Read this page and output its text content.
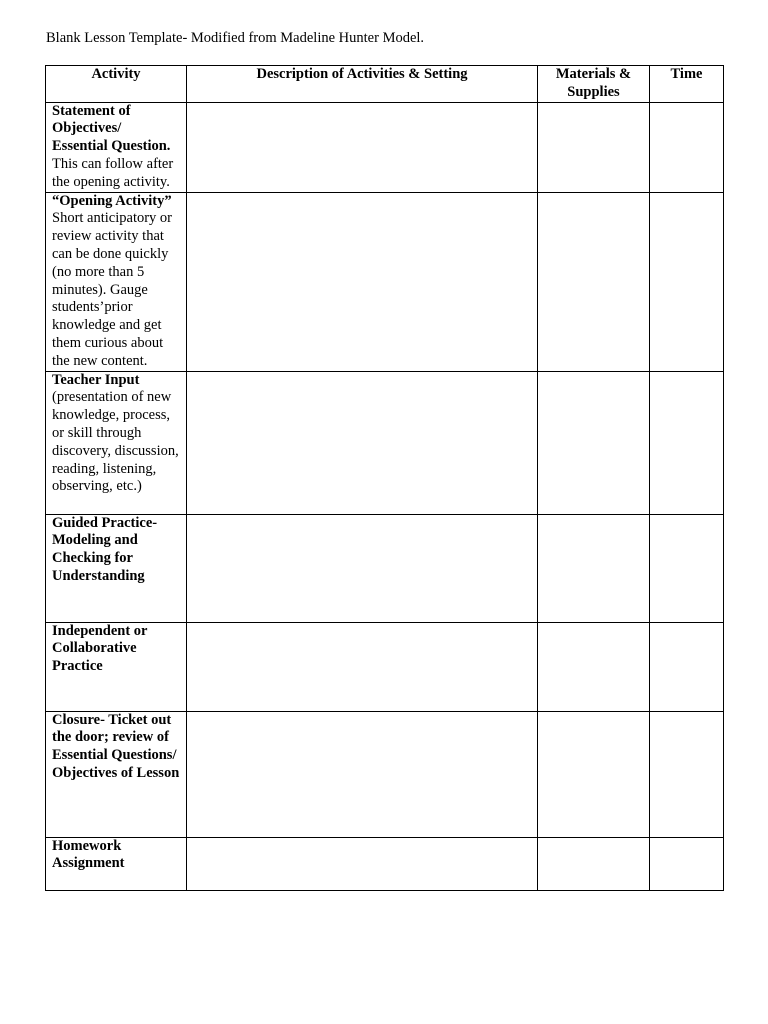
Blank Lesson Template- Modified from Madeline Hunter Model.
Activity	Description of Activities & Setting	Materials & Supplies	Time
Statement of Objectives/ Essential Question. This can follow after the opening activity.			
“Opening Activity” Short anticipatory or review activity that can be done quickly (no more than 5 minutes). Gauge students’prior knowledge and get them curious about the new content.			
Teacher Input (presentation of new knowledge, process, or skill through discovery, discussion, reading, listening, observing, etc.)			
Guided Practice- Modeling and Checking for Understanding			
Independent or Collaborative Practice			
Closure- Ticket out the door; review of Essential Questions/ Objectives of Lesson			
Homework Assignment			
